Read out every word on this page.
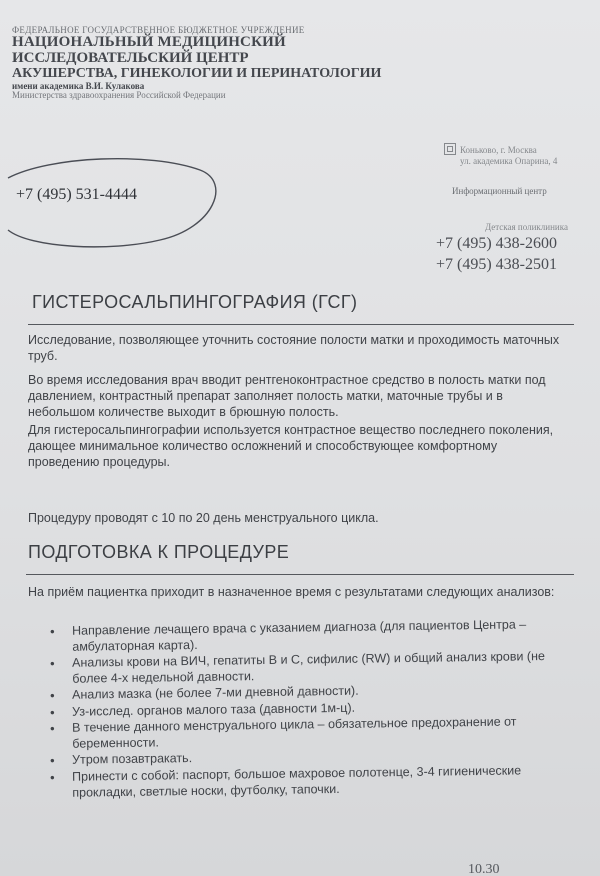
ФЕДЕРАЛЬНОЕ ГОСУДАРСТВЕННОЕ БЮДЖЕТНОЕ УЧРЕЖДЕНИЕ
НАЦИОНАЛЬНЫЙ МЕДИЦИНСКИЙ
ИССЛЕДОВАТЕЛЬСКИЙ ЦЕНТР
АКУШЕРСТВА, ГИНЕКОЛОГИИ И ПЕРИНАТОЛОГИИ
имени академика В.И. Кулакова
Министерства здравоохранения Российской Федерации
Коньково, г. Москва
ул. академика Опарина, 4
Информационный центр
Детская поликлиника
+7 (495) 438-2600
+7 (495) 438-2501
+7 (495) 531-4444
ГИСТЕРОСАЛЬПИНГОГРАФИЯ (ГСГ)
Исследование, позволяющее уточнить состояние полости матки и проходимость маточных труб.
Во время исследования врач вводит рентгеноконтрастное средство в полость матки под давлением, контрастный препарат заполняет полость матки, маточные трубы и в небольшом количестве выходит в брюшную полость.
Для гистеросальпингографии используется контрастное вещество последнего поколения, дающее минимальное количество осложнений и способствующее комфортному проведению процедуры.
Процедуру проводят с 10 по 20 день менструального цикла.
ПОДГОТОВКА К ПРОЦЕДУРЕ
На приём пациентка приходит в назначенное время с результатами следующих анализов:
• Направление лечащего врача с указанием диагноза (для пациентов Центра – амбулаторная карта).
• Анализы крови на ВИЧ, гепатиты В и С, сифилис (RW) и общий анализ крови (не более 4-х недельной давности.
• Анализ мазка (не более 7-ми дневной давности).
• Уз-исслед. органов малого таза (давности 1м-ц).
• В течение данного менструального цикла – обязательное предохранение от беременности.
• Утром позавтракать.
• Принести с собой: паспорт, большое махровое полотенце, 3-4 гигиенические прокладки, светлые носки, футболку, тапочки.
10.30
